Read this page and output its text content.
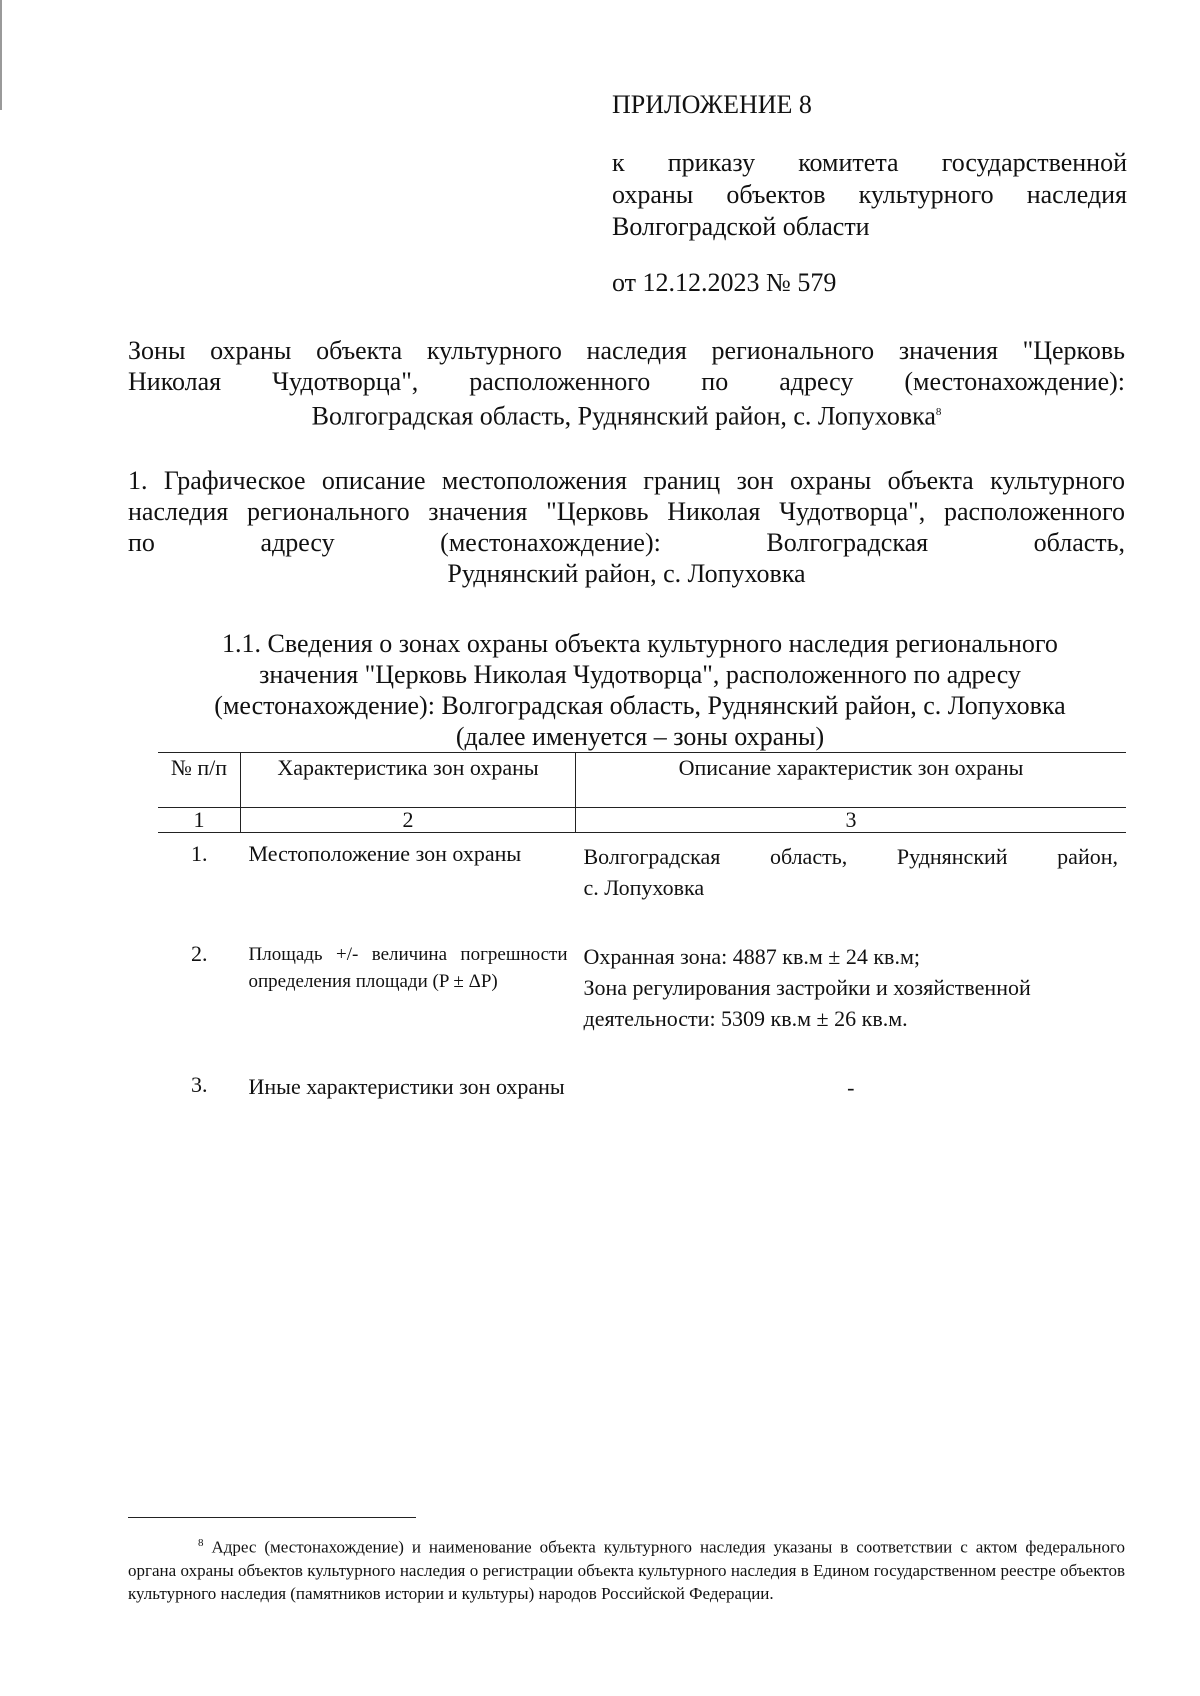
ПРИЛОЖЕНИЕ 8

к приказу комитета государственной
охраны объектов культурного наследия
Волгоградской области

от 12.12.2023 № 579

Зоны охраны объекта культурного наследия регионального значения "Церковь
Николая Чудотворца", расположенного по адресу (местонахождение):
Волгоградская область, Руднянский район, с. Лопуховка$^8$
1. Графическое описание местоположения границ зон охраны объекта культурного
наследия регионального значения "Церковь Николая Чудотворца", расположенного
по адресу (местонахождение): Волгоградская область,
Руднянский район, с. Лопуховка
1.1. Сведения о зонах охраны объекта культурного наследия регионального
значения "Церковь Николая Чудотворца", расположенного по адресу
(местонахождение): Волгоградская область, Руднянский район, с. Лопуховка
(далее именуется – зоны охраны)
№ п/п	Характеристика зон охраны	Описание характеристик зон охраны
1	2	3
1.	Местоположение зон охраны	Волгоградская область, Руднянский район,
с. Лопуховка

2.	Площадь +/- величина погрешности определения площади (P ± ΔP)	Охранная зона: 4887 кв.м ± 24 кв.м;
Зона регулирования застройки и хозяйственной деятельности: 5309 кв.м ± 26 кв.м.

3.	Иные характеристики зон охраны	-

$^8$ Адрес (местонахождение) и наименование объекта культурного наследия указаны в соответствии с актом федерального органа охраны объектов культурного наследия о регистрации объекта культурного наследия в Едином государственном реестре объектов культурного наследия (памятников истории и культуры) народов Российской Федерации.
